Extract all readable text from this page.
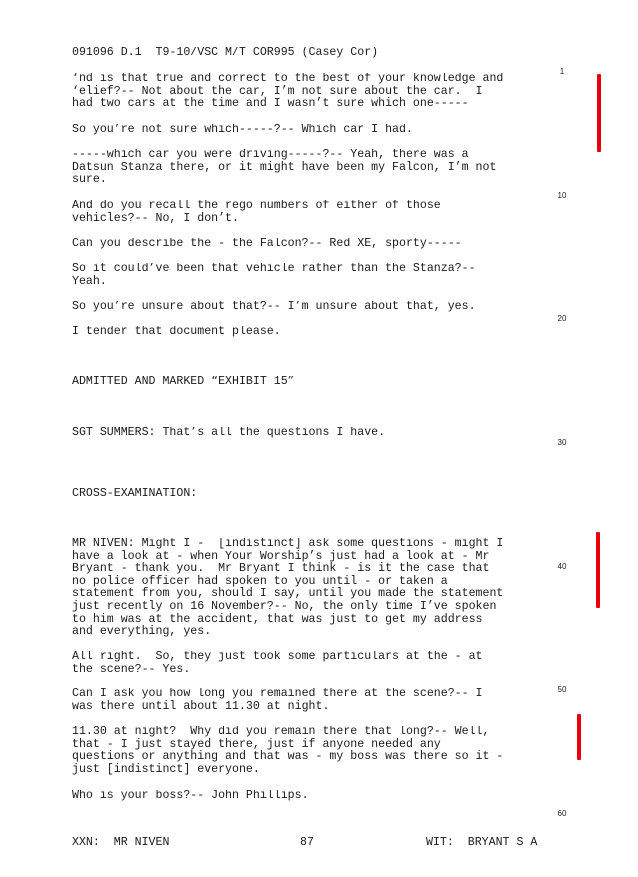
091096 D.1  T9-10/VSC M/T COR995 (Casey Cor)
‘nd is that true and correct to the best of your knowledge and
‘elief?-- Not about the car, I’m not sure about the car.  I
had two cars at the time and I wasn’t sure which one-----
So you’re not sure which-----?-- Which car I had.
-----which car you were driving-----?-- Yeah, there was a
Datsun Stanza there, or it might have been my Falcon, I’m not
sure.
And do you recall the rego numbers of either of those
vehicles?-- No, I don’t.
Can you describe the - the Falcon?-- Red XE, sporty-----
So it could’ve been that vehicle rather than the Stanza?--
Yeah.
So you’re unsure about that?-- I’m unsure about that, yes.
I tender that document please.
ADMITTED AND MARKED “EXHIBIT 15”
SGT SUMMERS: That’s all the questions I have.
CROSS-EXAMINATION:
MR NIVEN: Might I -  [indistinct] ask some questions - might I
have a look at - when Your Worship’s just had a look at - Mr
Bryant - thank you.  Mr Bryant I think - is it the case that
no police officer had spoken to you until - or taken a
statement from you, should I say, until you made the statement
just recently on 16 November?-- No, the only time I’ve spoken
to him was at the accident, that was just to get my address
and everything, yes.
All right.  So, they just took some particulars at the - at
the scene?-- Yes.
Can I ask you how long you remained there at the scene?-- I
was there until about 11.30 at night.
11.30 at night?  Why did you remain there that long?-- Well,
that - I just stayed there, just if anyone needed any
questions or anything and that was - my boss was there so it -
just [indistinct] everyone.
Who is your boss?-- John Phillips.
1
10
20
30
40
50
60
XXN:  MR NIVEN	87	WIT:  BRYANT S A
